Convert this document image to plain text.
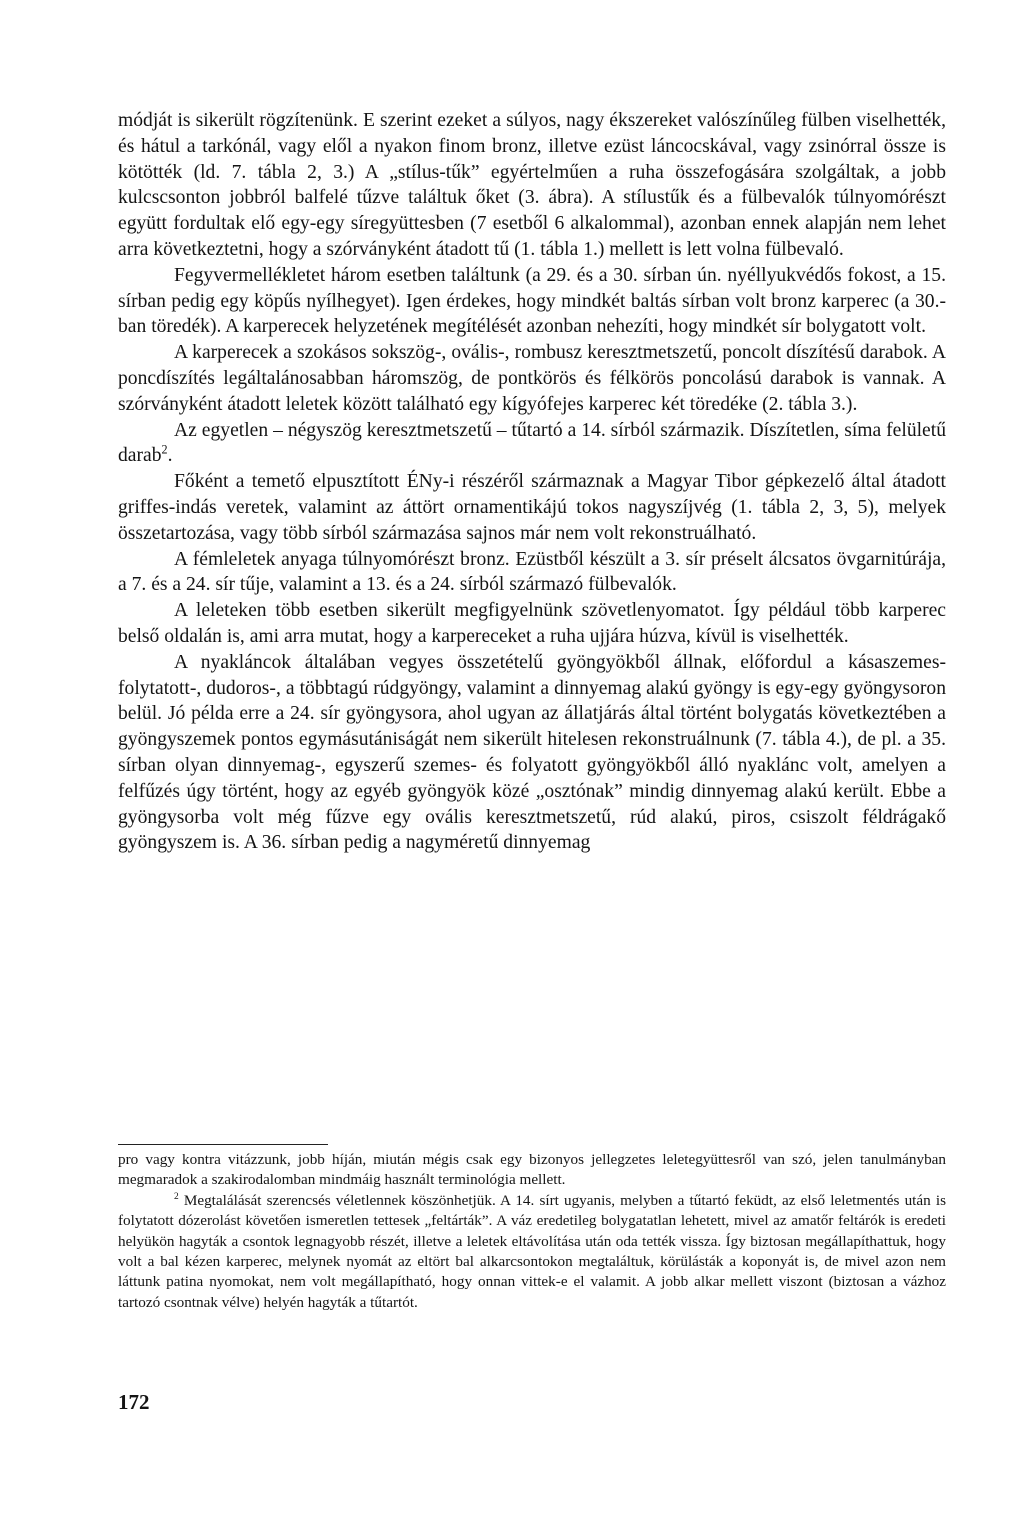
módját is sikerült rögzítenünk. E szerint ezeket a súlyos, nagy ékszereket valószínűleg fülben viselhették, és hátul a tarkónál, vagy elől a nyakon finom bronz, illetve ezüst láncocskával, vagy zsinórral össze is kötötték (ld. 7. tábla 2, 3.) A „stílus-tűk” egyértelműen a ruha összefogására szolgáltak, a jobb kulcscsonton jobbról balfelé tűzve találtuk őket (3. ábra). A stílustűk és a fülbevalók túlnyomórészt együtt fordultak elő egy-egy síregyüttesben (7 esetből 6 alkalommal), azonban ennek alapján nem lehet arra következtetni, hogy a szórványként átadott tű (1. tábla 1.) mellett is lett volna fülbevaló.

Fegyvermellékletet három esetben találtunk (a 29. és a 30. sírban ún. nyéllyukvédős fokost, a 15. sírban pedig egy köpűs nyílhegyet). Igen érdekes, hogy mindkét baltás sírban volt bronz karperec (a 30.-ban töredék). A karperecek helyzetének megítélését azonban nehezíti, hogy mindkét sír bolygatott volt.

A karperecek a szokásos sokszög-, ovális-, rombusz keresztmetszetű, poncolt díszítésű darabok. A poncdíszítés legáltalánosabban háromszög, de pontkörös és félkörös poncolású darabok is vannak. A szórványként átadott leletek között található egy kígyófejes karperec két töredéke (2. tábla 3.).

Az egyetlen – négyszög keresztmetszetű – tűtartó a 14. sírból származik. Díszítetlen, síma felületű darab$^2$.

Főként a temető elpusztított ÉNy-i részéről származnak a Magyar Tibor gépkezelő által átadott griffes-indás veretek, valamint az áttört ornamentikájú tokos nagyszíjvég (1. tábla 2, 3, 5), melyek összetartozása, vagy több sírból származása sajnos már nem volt rekonstruálható.

A fémleletek anyaga túlnyomórészt bronz. Ezüstből készült a 3. sír préselt álcsatos övgarnitúrája, a 7. és a 24. sír tűje, valamint a 13. és a 24. sírból származó fülbevalók.

A leleteken több esetben sikerült megfigyelnünk szövetlenyomatot. Így például több karperec belső oldalán is, ami arra mutat, hogy a karpereceket a ruha ujjára húzva, kívül is viselhették.

A nyakláncok általában vegyes összetételű gyöngyökből állnak, előfordul a kásaszemes- folytatott-, dudoros-, a többtagú rúdgyöngy, valamint a dinnyemag alakú gyöngy is egy-egy gyöngysoron belül. Jó példa erre a 24. sír gyöngysora, ahol ugyan az állatjárás által történt bolygatás következtében a gyöngyszemek pontos egymásutániságát nem sikerült hitelesen rekonstruálnunk (7. tábla 4.), de pl. a 35. sírban olyan dinnyemag-, egyszerű szemes- és folyatott gyöngyökből álló nyaklánc volt, amelyen a felfűzés úgy történt, hogy az egyéb gyöngyök közé „osztónak” mindig dinnyemag alakú került. Ebbe a gyöngysorba volt még fűzve egy ovális keresztmetszetű, rúd alakú, piros, csiszolt féldrágakő gyöngyszem is. A 36. sírban pedig a nagyméretű dinnyemag

pro vagy kontra vitázzunk, jobb híján, miután mégis csak egy bizonyos jellegzetes leletegyüttesről van szó, jelen tanulmányban megmaradok a szakirodalomban mindmáig használt terminológia mellett.

$^2$ Megtalálását szerencsés véletlennek köszönhetjük. A 14. sírt ugyanis, melyben a tűtartó feküdt, az első leletmentés után is folytatott dózerolást követően ismeretlen tettesek „feltárták”. A váz eredetileg bolygatatlan lehetett, mivel az amatőr feltárók is eredeti helyükön hagyták a csontok legnagyobb részét, illetve a leletek eltávolítása után oda tették vissza. Így biztosan megállapíthattuk, hogy volt a bal kézen karperec, melynek nyomát az eltört bal alkarcsontokon megtaláltuk, körülásták a koponyát is, de mivel azon nem láttunk patina nyomokat, nem volt megállapítható, hogy onnan vittek-e el valamit. A jobb alkar mellett viszont (biztosan a vázhoz tartozó csontnak vélve) helyén hagyták a tűtartót.

172
